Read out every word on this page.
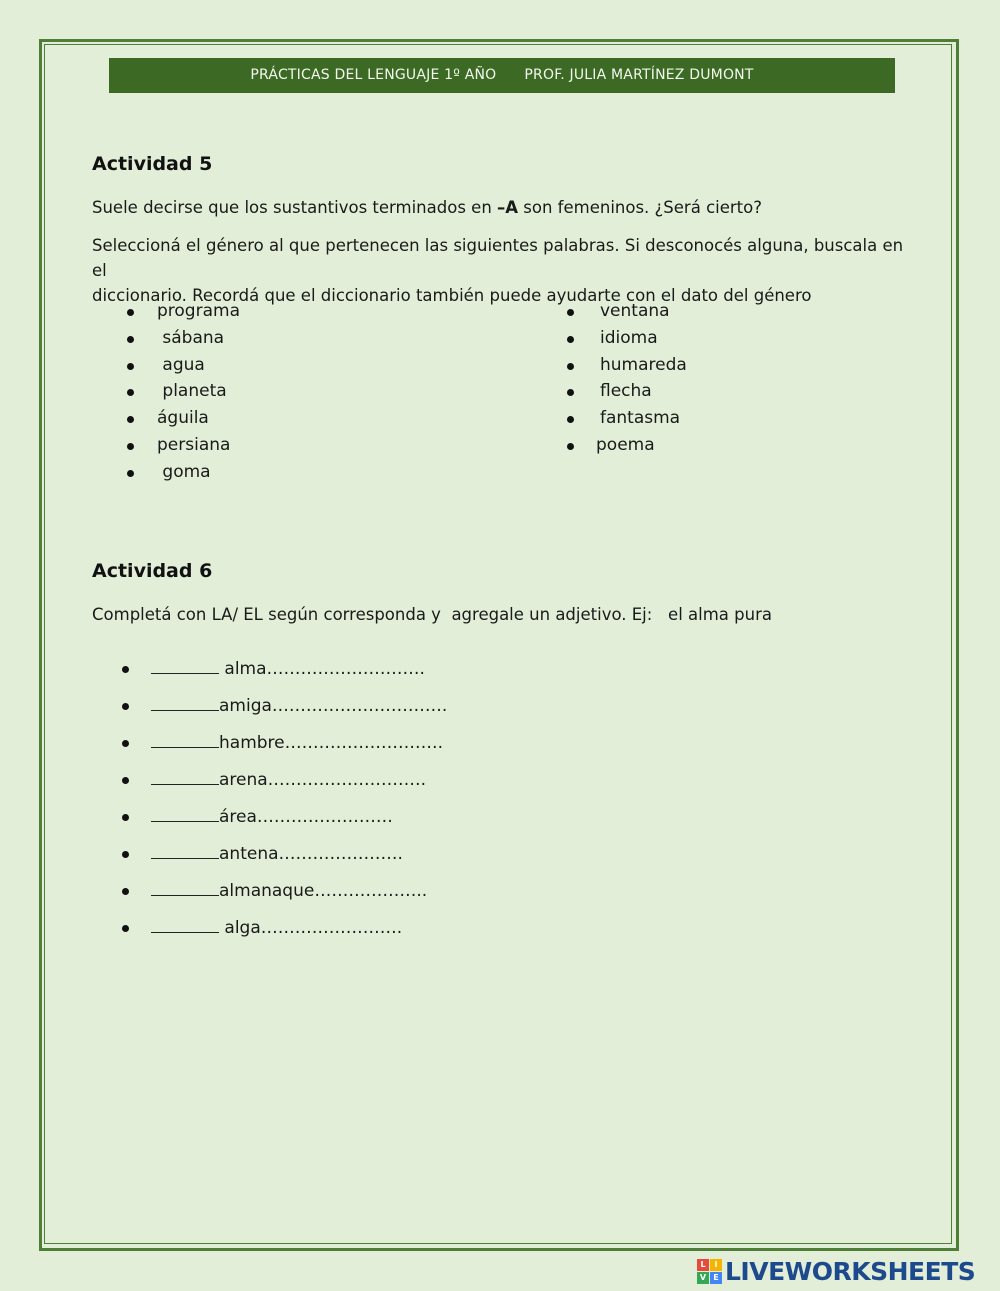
PRÁCTICAS DEL LENGUAJE 1º AÑO PROF. JULIA MARTÍNEZ DUMONT
Actividad 5
Suele decirse que los sustantivos terminados en –A son femeninos. ¿Será cierto?
Seleccioná el género al que pertenecen las siguientes palabras. Si desconocés alguna, buscala en el
diccionario. Recordá que el diccionario también puede ayudarte con el dato del género
programa
sábana
agua
planeta
águila
persiana
goma
ventana
idioma
humareda
flecha
fantasma
poema
Actividad 6
Completá con LA/ EL según corresponda y  agregale un adjetivo. Ej:   el alma pura
alma……………………….
amiga………………………….
hambre……………………….
arena……………………….
área……………………
antena………………….
almanaque………………..
alga…………………….
L	I
V E LIVEWORKSHEETS
